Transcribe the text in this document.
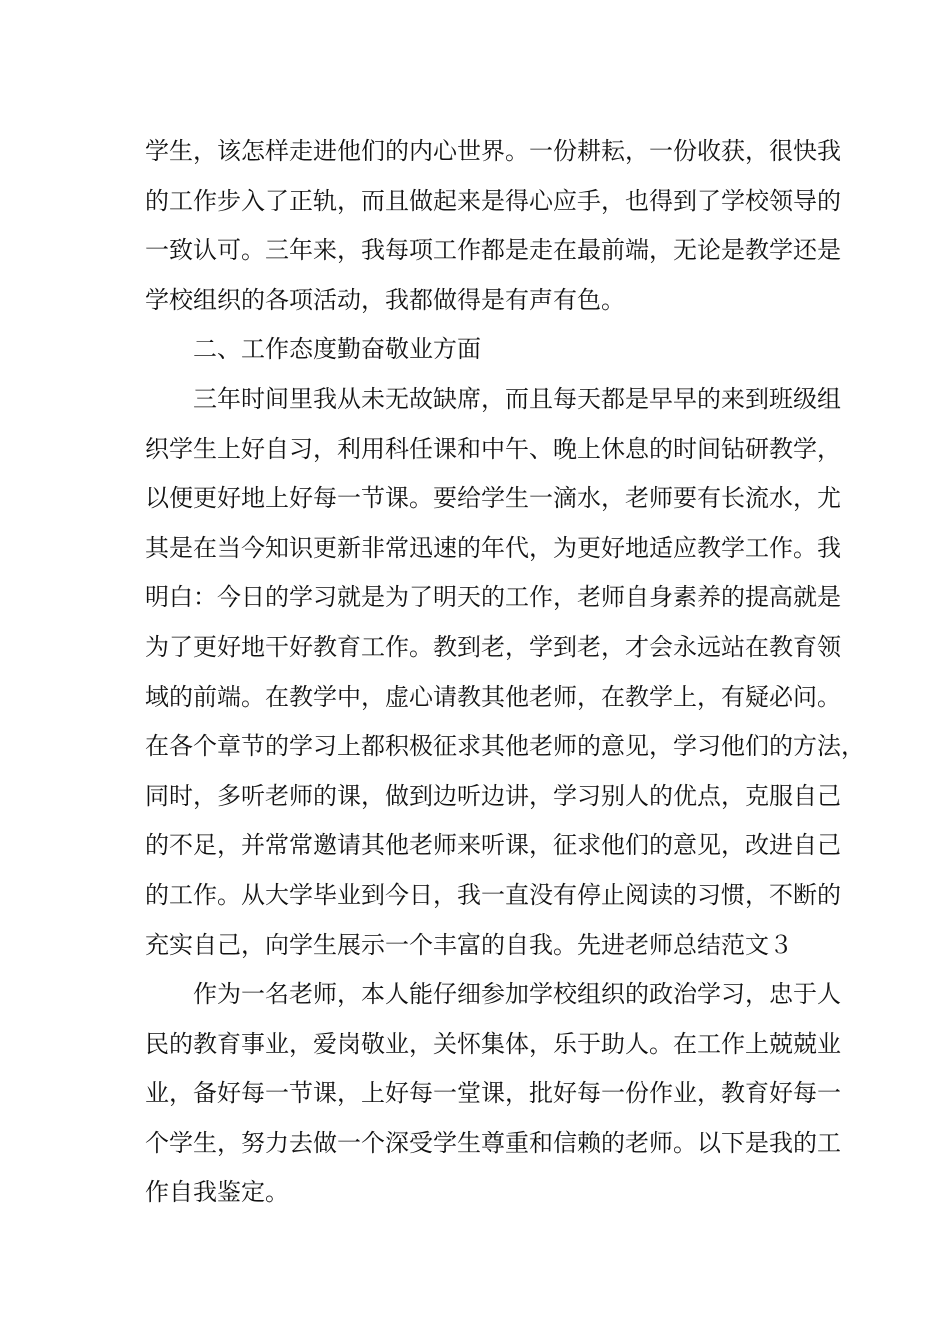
学生，该怎样走进他们的内心世界。一份耕耘，一份收获，很快我
的工作步入了正轨，而且做起来是得心应手，也得到了学校领导的
一致认可。三年来，我每项工作都是走在最前端，无论是教学还是
学校组织的各项活动，我都做得是有声有色。
二、工作态度勤奋敬业方面
三年时间里我从未无故缺席，而且每天都是早早的来到班级组
织学生上好自习，利用科任课和中午、晚上休息的时间钻研教学，
以便更好地上好每一节课。要给学生一滴水，老师要有长流水，尤
其是在当今知识更新非常迅速的年代，为更好地适应教学工作。我
明白：今日的学习就是为了明天的工作，老师自身素养的提高就是
为了更好地干好教育工作。教到老，学到老，才会永远站在教育领
域的前端。在教学中，虚心请教其他老师，在教学上，有疑必问。
在各个章节的学习上都积极征求其他老师的意见，学习他们的方法，
同时，多听老师的课，做到边听边讲，学习别人的优点，克服自己
的不足，并常常邀请其他老师来听课，征求他们的意见，改进自己
的工作。从大学毕业到今日，我一直没有停止阅读的习惯，不断的
充实自己，向学生展示一个丰富的自我。先进老师总结范文３
作为一名老师，本人能仔细参加学校组织的政治学习，忠于人
民的教育事业，爱岗敬业，关怀集体，乐于助人。在工作上兢兢业
业，备好每一节课，上好每一堂课，批好每一份作业，教育好每一
个学生，努力去做一个深受学生尊重和信赖的老师。以下是我的工
作自我鉴定。
